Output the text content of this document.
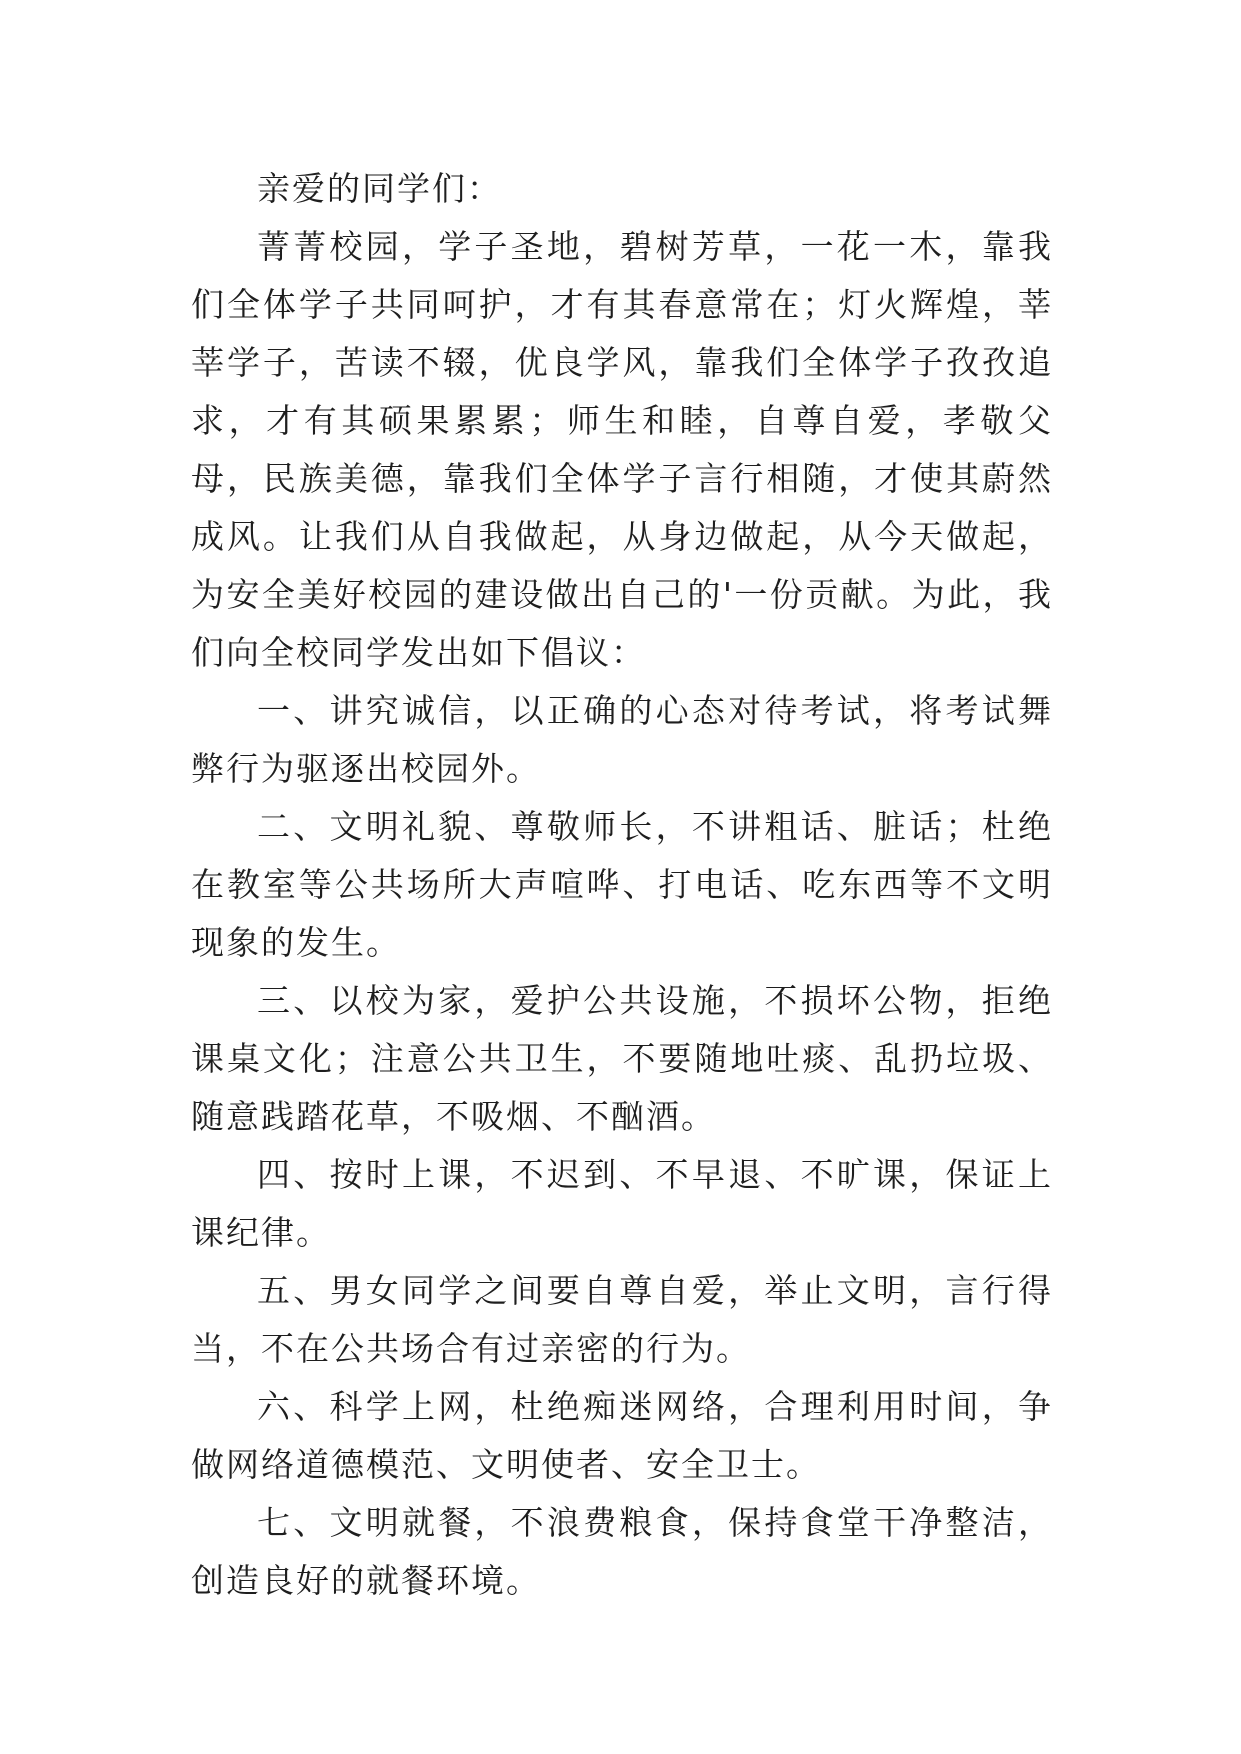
亲爱的同学们：

菁菁校园，学子圣地，碧树芳草，一花一木，靠我们全体学子共同呵护，才有其春意常在；灯火辉煌，莘莘学子，苦读不辍，优良学风，靠我们全体学子孜孜追求，才有其硕果累累；师生和睦，自尊自爱，孝敬父母，民族美德，靠我们全体学子言行相随，才使其蔚然成风。让我们从自我做起，从身边做起，从今天做起，为安全美好校园的建设做出自己的'一份贡献。为此，我们向全校同学发出如下倡议：

一、讲究诚信，以正确的心态对待考试，将考试舞弊行为驱逐出校园外。

二、文明礼貌、尊敬师长，不讲粗话、脏话；杜绝在教室等公共场所大声喧哗、打电话、吃东西等不文明现象的发生。

三、以校为家，爱护公共设施，不损坏公物，拒绝课桌文化；注意公共卫生，不要随地吐痰、乱扔垃圾、随意践踏花草，不吸烟、不酗酒。

四、按时上课，不迟到、不早退、不旷课，保证上课纪律。

五、男女同学之间要自尊自爱，举止文明，言行得当，不在公共场合有过亲密的行为。

六、科学上网，杜绝痴迷网络，合理利用时间，争做网络道德模范、文明使者、安全卫士。

七、文明就餐，不浪费粮食，保持食堂干净整洁，创造良好的就餐环境。
